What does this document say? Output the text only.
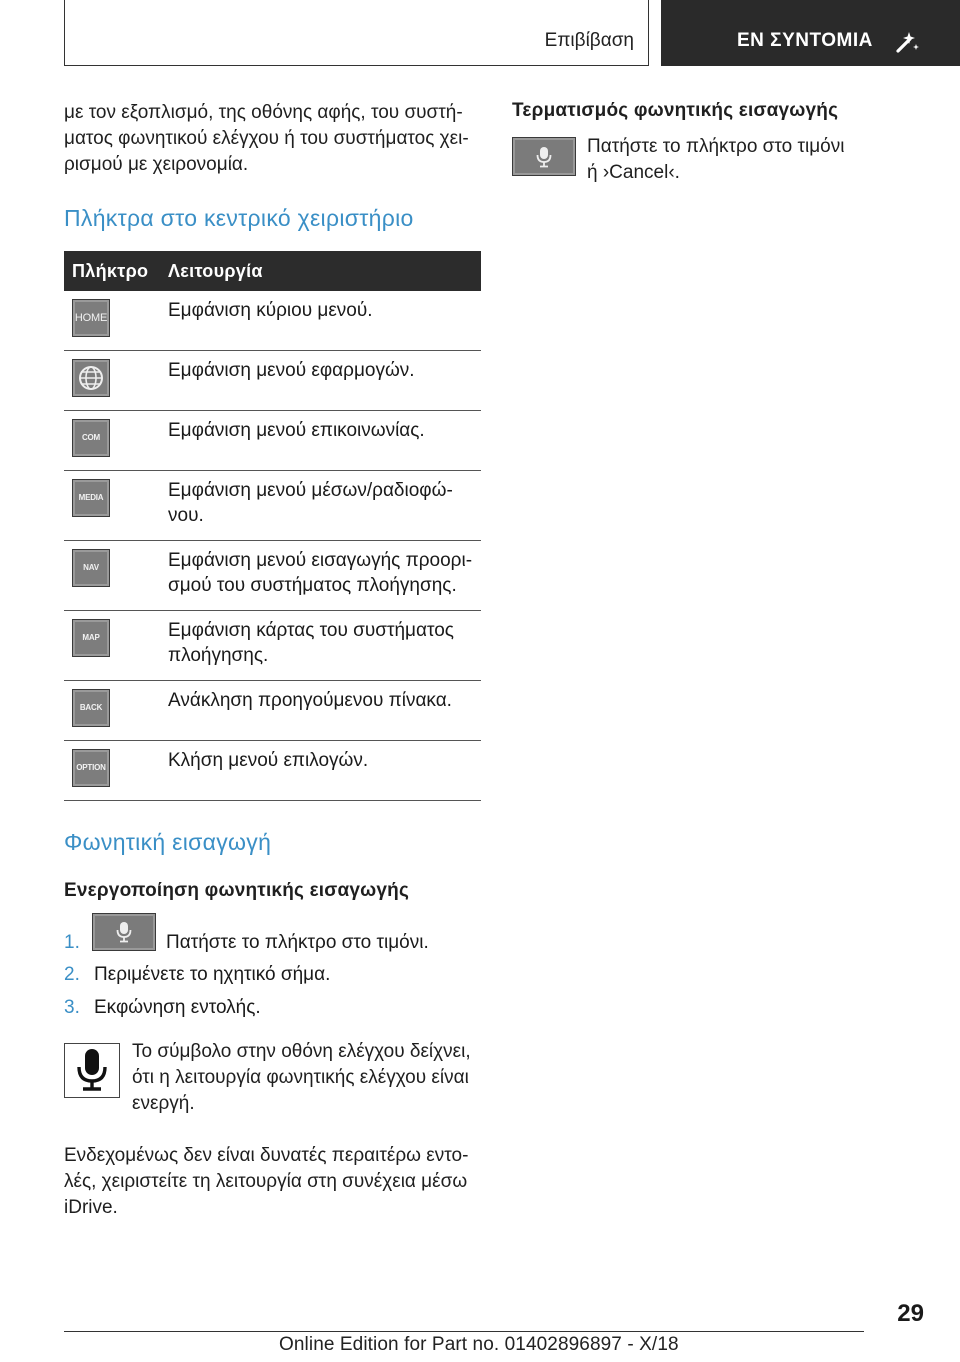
Επιβίβαση	ΕΝ ΣΥΝΤΟΜΙΑ

με τον εξοπλισμό, της οθόνης αφής, του συστή-
ματος φωνητικού ελέγχου ή του συστήματος χει-
ρισμού με χειρονομία.

Πλήκτρα στο κεντρικό χειριστήριο
Πλήκτρο	Λειτουργία

HOME	Εμφάνιση κύριου μενού.

	Εμφάνιση μενού εφαρμογών.

COM	Εμφάνιση μενού επικοινωνίας.

MEDIA	Εμφάνιση μενού μέσων/ραδιοφώ-
νου.

NAV	Εμφάνιση μενού εισαγωγής προορι-
σμού του συστήματος πλοήγησης.

MAP	Εμφάνιση κάρτας του συστήματος
πλοήγησης.

BACK	Ανάκληση προηγούμενου πίνακα.

OPTION	Κλήση μενού επιλογών.
Φωνητική εισαγωγή
Ενεργοποίηση φωνητικής εισαγωγής
1.	Πατήστε το πλήκτρο στο τιμόνι.
2. Περιμένετε το ηχητικό σήμα.
3. Εκφώνηση εντολής.

Το σύμβολο στην οθόνη ελέγχου δείχνει,
ότι η λειτουργία φωνητικής ελέγχου είναι
ενεργή.

Ενδεχομένως δεν είναι δυνατές περαιτέρω εντο-
λές, χειριστείτε τη λειτουργία στη συνέχεια μέσω
iDrive.

Τερματισμός φωνητικής εισαγωγής

Πατήστε το πλήκτρο στο τιμόνι
ή ›Cancel‹.

29
Online Edition for Part no. 01402896897 - X/18
